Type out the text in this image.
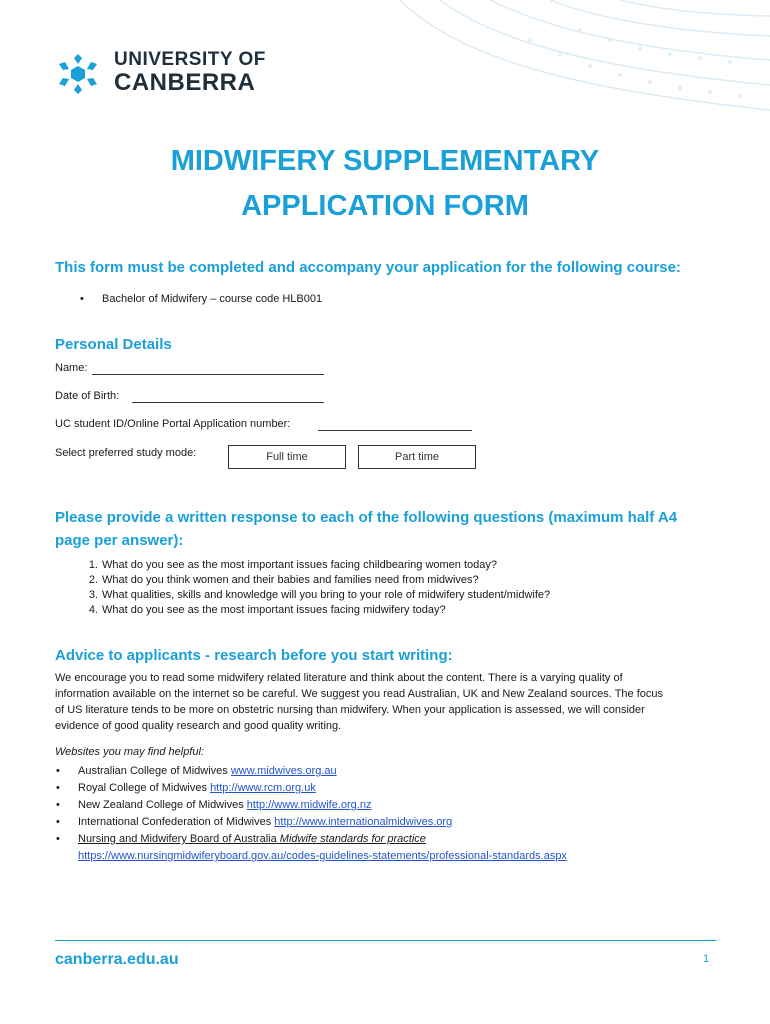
UNIVERSITY OF
CANBERRA
MIDWIFERY SUPPLEMENTARY
APPLICATION FORM
This form must be completed and accompany your application for the following course:
• Bachelor of Midwifery – course code HLB001
Personal Details
Name:
Date of Birth:
UC student ID/Online Portal Application number:
Select preferred study mode:	Full time	Part time
Please provide a written response to each of the following questions (maximum half A4
page per answer):
1. What do you see as the most important issues facing childbearing women today?
2. What do you think women and their babies and families need from midwives?
3. What qualities, skills and knowledge will you bring to your role of midwifery student/midwife?
4. What do you see as the most important issues facing midwifery today?
Advice to applicants - research before you start writing:
We encourage you to read some midwifery related literature and think about the content. There is a varying quality of
information available on the internet so be careful. We suggest you read Australian, UK and New Zealand sources. The focus
of US literature tends to be more on obstetric nursing than midwifery. When your application is assessed, we will consider
evidence of good quality research and good quality writing.
Websites you may find helpful:
• Australian College of Midwives www.midwives.org.au
• Royal College of Midwives http://www.rcm.org.uk
• New Zealand College of Midwives http://www.midwife.org.nz
• International Confederation of Midwives http://www.internationalmidwives.org
• Nursing and Midwifery Board of Australia Midwife standards for practice
https://www.nursingmidwiferyboard.gov.au/codes-guidelines-statements/professional-standards.aspx
canberra.edu.au	1
